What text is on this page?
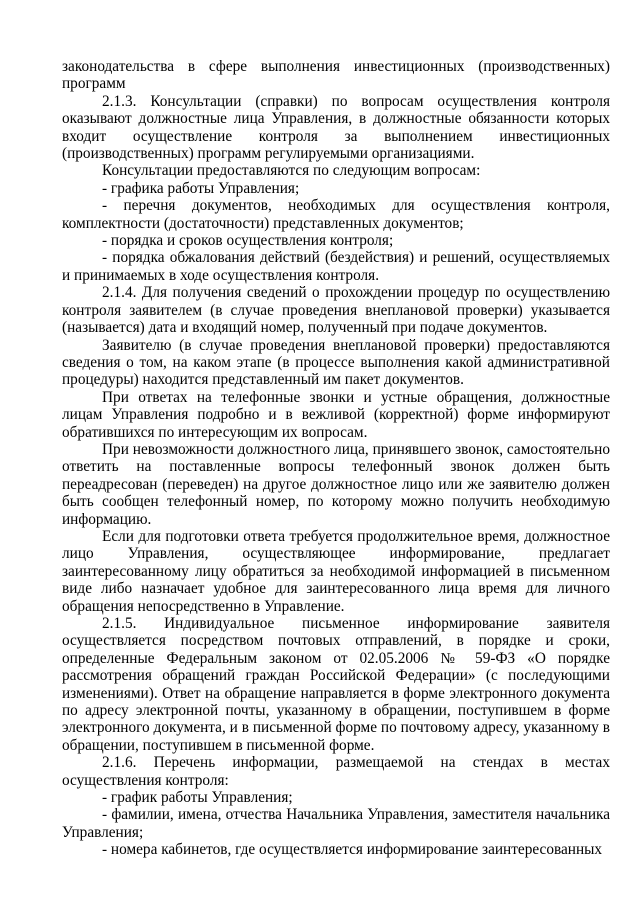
законодательства в сфере выполнения инвестиционных (производственных) программ

2.1.3. Консультации (справки) по вопросам осуществления контроля оказывают должностные лица Управления, в должностные обязанности которых входит осуществление контроля за выполнением инвестиционных (производственных) программ регулируемыми организациями.

Консультации предоставляются по следующим вопросам:

- графика работы Управления;

- перечня документов, необходимых для осуществления контроля, комплектности (достаточности) представленных документов;

- порядка и сроков осуществления контроля;

- порядка обжалования действий (бездействия) и решений, осуществляемых и принимаемых в ходе осуществления контроля.

2.1.4. Для получения сведений о прохождении процедур по осуществлению контроля заявителем (в случае проведения внеплановой проверки) указывается (называется) дата и входящий номер, полученный при подаче документов.

Заявителю (в случае проведения внеплановой проверки) предоставляются сведения о том, на каком этапе (в процессе выполнения какой административной процедуры) находится представленный им пакет документов.

При ответах на телефонные звонки и устные обращения, должностные лицам Управления подробно и в вежливой (корректной) форме информируют обратившихся по интересующим их вопросам.

При невозможности должностного лица, принявшего звонок, самостоятельно ответить на поставленные вопросы телефонный звонок должен быть переадресован (переведен) на другое должностное лицо или же заявителю должен быть сообщен телефонный номер, по которому можно получить необходимую информацию.

Если для подготовки ответа требуется продолжительное время, должностное лицо Управления, осуществляющее информирование, предлагает заинтересованному лицу обратиться за необходимой информацией в письменном виде либо назначает удобное для заинтересованного лица время для личного обращения непосредственно в Управление.

2.1.5. Индивидуальное письменное информирование заявителя осуществляется посредством почтовых отправлений, в порядке и сроки, определенные Федеральным законом от 02.05.2006 № 59-ФЗ «О порядке рассмотрения обращений граждан Российской Федерации» (с последующими изменениями). Ответ на обращение направляется в форме электронного документа по адресу электронной почты, указанному в обращении, поступившем в форме электронного документа, и в письменной форме по почтовому адресу, указанному в обращении, поступившем в письменной форме.

2.1.6. Перечень информации, размещаемой на стендах в местах осуществления контроля:

- график работы Управления;

- фамилии, имена, отчества Начальника Управления, заместителя начальника Управления;

- номера кабинетов, где осуществляется информирование заинтересованных
